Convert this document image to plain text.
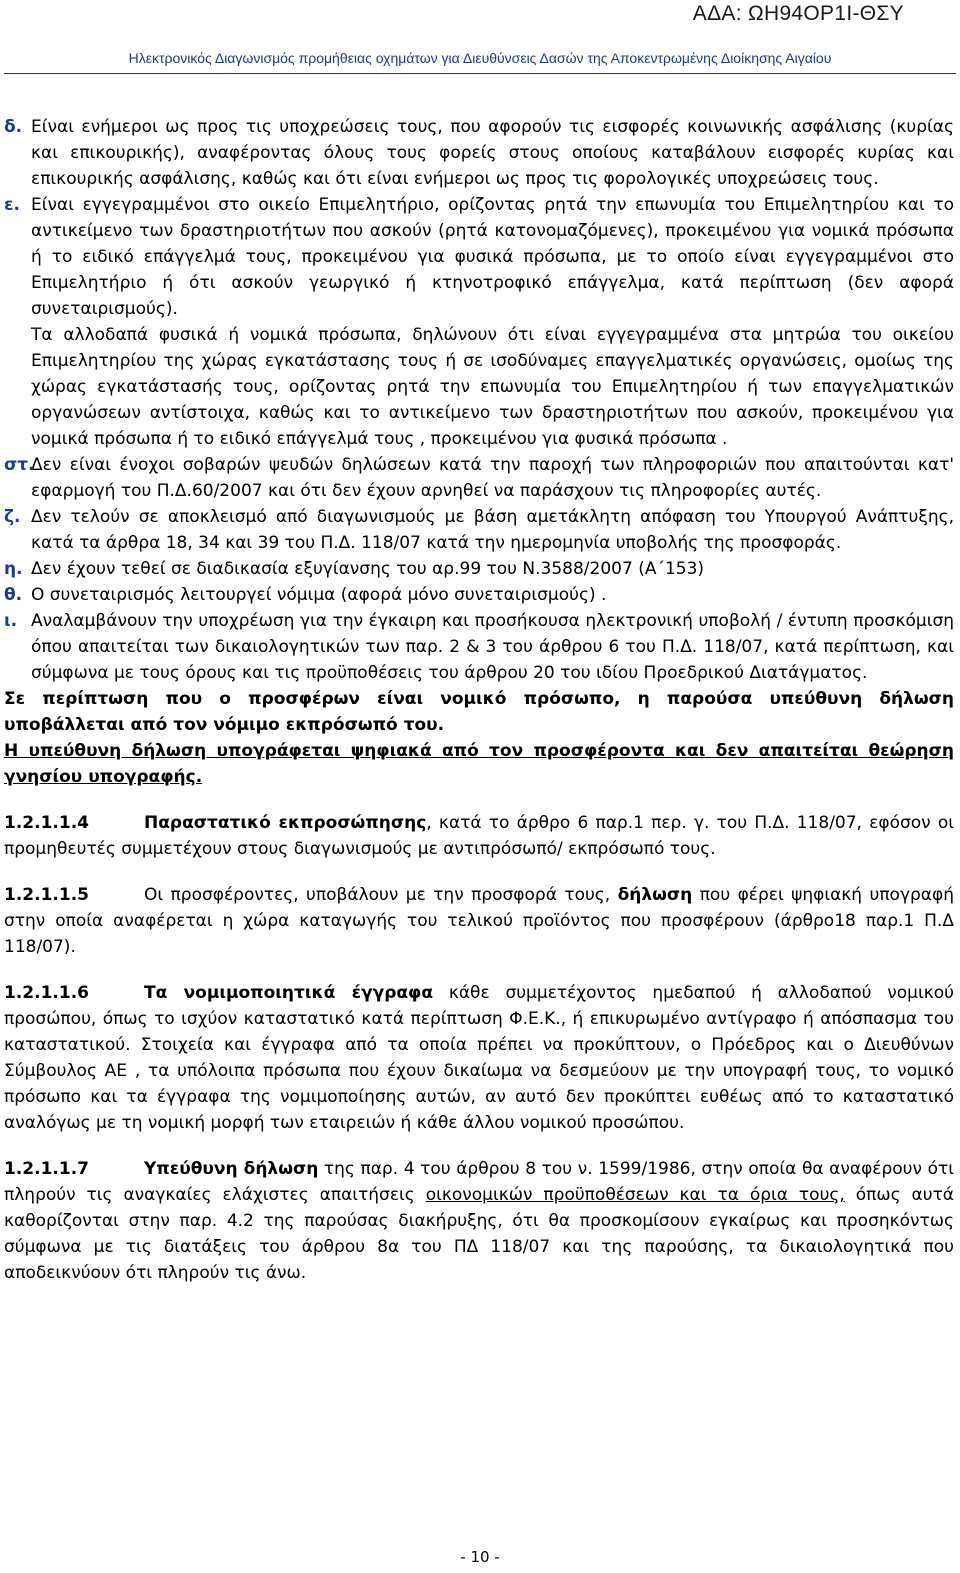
ΑΔΑ: ΩΗ94ΟΡ1Ι-ΘΣΥ
Ηλεκτρονικός Διαγωνισμός προμήθειας οχημάτων για Διευθύνσεις Δασών της Αποκεντρωμένης Διοίκησης Αιγαίου
δ. Είναι ενήμεροι ως προς τις υποχρεώσεις τους, που αφορούν τις εισφορές κοινωνικής ασφάλισης (κυρίας και επικουρικής), αναφέροντας όλους τους φορείς στους οποίους καταβάλουν εισφορές κυρίας και επικουρικής ασφάλισης, καθώς και ότι είναι ενήμεροι ως προς τις φορολογικές υποχρεώσεις τους.

ε. Είναι εγγεγραμμένοι στο οικείο Επιμελητήριο, ορίζοντας ρητά την επωνυμία του Επιμελητηρίου και το αντικείμενο των δραστηριοτήτων που ασκούν (ρητά κατονομαζόμενες), προκειμένου για νομικά πρόσωπα ή το ειδικό επάγγελμά τους, προκειμένου για φυσικά πρόσωπα, με το οποίο είναι εγγεγραμμένοι στο Επιμελητήριο ή ότι ασκούν γεωργικό ή κτηνοτροφικό επάγγελμα, κατά περίπτωση (δεν αφορά συνεταιρισμούς).

Τα αλλοδαπά φυσικά ή νομικά πρόσωπα, δηλώνουν ότι είναι εγγεγραμμένα στα μητρώα του οικείου Επιμελητηρίου της χώρας εγκατάστασης τους ή σε ισοδύναμες επαγγελματικές οργανώσεις, ομοίως της χώρας εγκατάστασής τους, ορίζοντας ρητά την επωνυμία του Επιμελητηρίου ή των επαγγελματικών οργανώσεων αντίστοιχα, καθώς και το αντικείμενο των δραστηριοτήτων που ασκούν, προκειμένου για νομικά πρόσωπα ή το ειδικό επάγγελμά τους , προκειμένου για φυσικά πρόσωπα .

στ.

Δεν είναι ένοχοι σοβαρών ψευδών δηλώσεων κατά την παροχή των πληροφοριών που απαιτούνται κατ' εφαρμογή του Π.Δ.60/2007 και ότι δεν έχουν αρνηθεί να παράσχουν τις πληροφορίες αυτές.

ζ. Δεν τελούν σε αποκλεισμό από διαγωνισμούς με βάση αμετάκλητη απόφαση του Υπουργού Ανάπτυξης, κατά τα άρθρα 18, 34 και 39 του Π.Δ. 118/07 κατά την ημερομηνία υποβολής της προσφοράς.

η. Δεν έχουν τεθεί σε διαδικασία εξυγίανσης του αρ.99 του Ν.3588/2007 (Α΄153)

θ. Ο συνεταιρισμός λειτουργεί νόμιμα (αφορά μόνο συνεταιρισμούς) .

ι. Αναλαμβάνουν την υποχρέωση για την έγκαιρη και προσήκουσα ηλεκτρονική υποβολή / έντυπη προσκόμιση όπου απαιτείται των δικαιολογητικών των παρ. 2 & 3 του άρθρου 6 του Π.Δ. 118/07, κατά περίπτωση, και σύμφωνα με τους όρους και τις προϋποθέσεις του άρθρου 20 του ιδίου Προεδρικού Διατάγματος.

Σε περίπτωση που ο προσφέρων είναι νομικό πρόσωπο, η παρούσα υπεύθυνη δήλωση υποβάλλεται από τον νόμιμο εκπρόσωπό του.

Η υπεύθυνη δήλωση υπογράφεται ψηφιακά από τον προσφέροντα και δεν απαιτείται θεώρηση γνησίου υπογραφής.

1.2.1.1.4	Παραστατικό εκπροσώπησης, κατά το άρθρο 6 παρ.1 περ. γ. του Π.Δ. 118/07, εφόσον οι προμηθευτές συμμετέχουν στους διαγωνισμούς με αντιπρόσωπό/ εκπρόσωπό τους.

1.2.1.1.5	Οι προσφέροντες, υποβάλουν με την προσφορά τους, δήλωση που φέρει ψηφιακή υπογραφή στην οποία αναφέρεται η χώρα καταγωγής του τελικού προϊόντος που προσφέρουν (άρθρο18 παρ.1 Π.Δ 118/07).

1.2.1.1.6	Τα νομιμοποιητικά έγγραφα κάθε συμμετέχοντος ημεδαπού ή αλλοδαπού νομικού προσώπου, όπως το ισχύον καταστατικό κατά περίπτωση Φ.Ε.Κ., ή επικυρωμένο αντίγραφο ή απόσπασμα του καταστατικού. Στοιχεία και έγγραφα από τα οποία πρέπει να προκύπτουν, ο Πρόεδρος και ο Διευθύνων Σύμβουλος ΑΕ , τα υπόλοιπα πρόσωπα που έχουν δικαίωμα να δεσμεύουν με την υπογραφή τους, το νομικό πρόσωπο και τα έγγραφα της νομιμοποίησης αυτών, αν αυτό δεν προκύπτει ευθέως από το καταστατικό αναλόγως με τη νομική μορφή των εταιρειών ή κάθε άλλου νομικού προσώπου.

1.2.1.1.7	Υπεύθυνη δήλωση της παρ. 4 του άρθρου 8 του ν. 1599/1986, στην οποία θα αναφέρουν ότι πληρούν τις αναγκαίες ελάχιστες απαιτήσεις οικονομικών προϋποθέσεων και τα όρια τους, όπως αυτά καθορίζονται στην παρ. 4.2 της παρούσας διακήρυξης, ότι θα προσκομίσουν εγκαίρως και προσηκόντως σύμφωνα με τις διατάξεις του άρθρου 8α του ΠΔ 118/07 και της παρούσης, τα δικαιολογητικά που αποδεικνύουν ότι πληρούν τις άνω.

- 10 -
